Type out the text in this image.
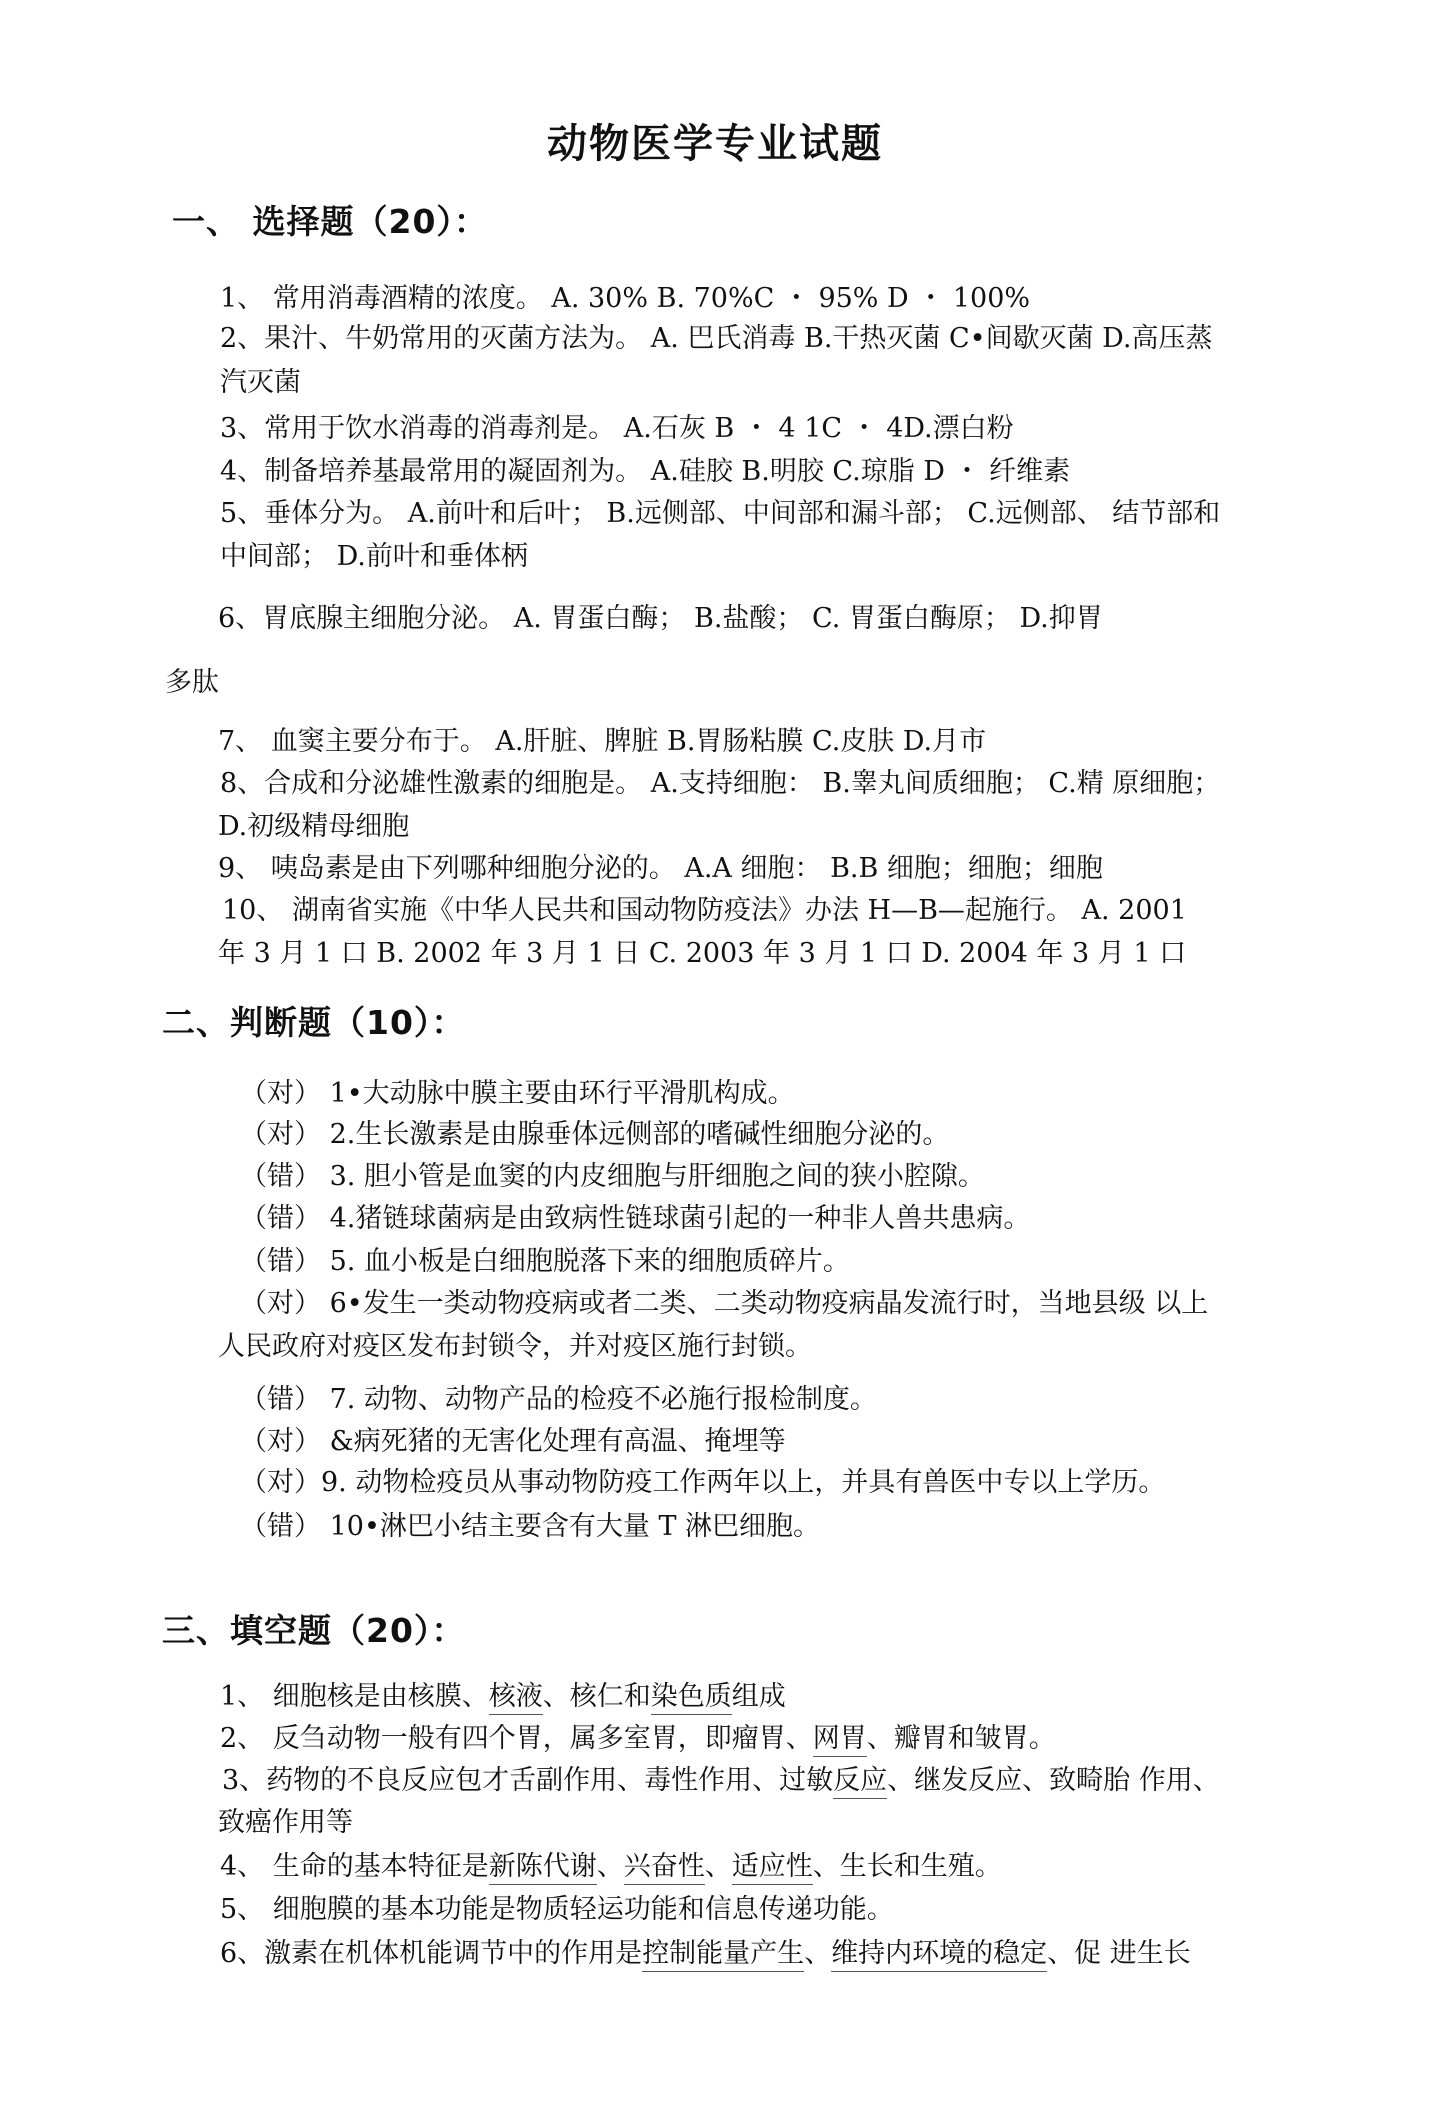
动物医学专业试题
一、 选择题（20）：
1、 常用消毒酒精的浓度。 A. 30% B. 70%C ・ 95% D ・ 100%
2、果汁、牛奶常用的灭菌方法为。 A. 巴氏消毒 B.干热灭菌 C•间歇灭菌 D.高压蒸
汽灭菌
3、常用于饮水消毒的消毒剂是。 A.石灰 B ・ 4 1C ・ 4D.漂白粉
4、制备培养基最常用的凝固剂为。 A.硅胶 B.明胶 C.琼脂 D ・ 纤维素
5、垂体分为。 A.前叶和后叶； B.远侧部、中间部和漏斗部； C.远侧部、 结节部和
中间部； D.前叶和垂体柄
6、胃底腺主细胞分泌。 A. 胃蛋白酶； B.盐酸； C. 胃蛋白酶原； D.抑胃
多肽
7、 血窦主要分布于。 A.肝脏、脾脏 B.胃肠粘膜 C.皮肤 D.月市
8、合成和分泌雄性激素的细胞是。 A.支持细胞： B.睾丸间质细胞； C.精 原细胞；
D.初级精母细胞
9、 咦岛素是由下列哪种细胞分泌的。 A.A 细胞： B.B 细胞；细胞；细胞
10、 湖南省实施《中华人民共和国动物防疫法》办法 H—B—起施行。 A. 2001
年 3 月 1 口 B. 2002 年 3 月 1 日 C. 2003 年 3 月 1 口 D. 2004 年 3 月 1 口
二、判断题（10）：
（对） 1•大动脉中膜主要由环行平滑肌构成。
（对） 2.生长激素是由腺垂体远侧部的嗜碱性细胞分泌的。
（错） 3. 胆小管是血窦的内皮细胞与肝细胞之间的狭小腔隙。
（错） 4.猪链球菌病是由致病性链球菌引起的一种非人兽共患病。
（错） 5. 血小板是白细胞脱落下来的细胞质碎片。
（对） 6•发生一类动物疫病或者二类、二类动物疫病晶发流行时，当地县级 以上
人民政府对疫区发布封锁令，并对疫区施行封锁。
（错） 7. 动物、动物产品的检疫不必施行报检制度。
（对） &病死猪的无害化处理有高温、掩埋等
（对）9. 动物检疫员从事动物防疫工作两年以上，并具有兽医中专以上学历。
（错） 10•淋巴小结主要含有大量 T 淋巴细胞。
三、填空题（20）：
1、 细胞核是由核膜、核液、核仁和染色质组成
2、 反刍动物一般有四个胃，属多室胃，即瘤胃、网胃、瓣胃和皱胃。
3、药物的不良反应包才舌副作用、毒性作用、过敏反应、继发反应、致畸胎 作用、
致癌作用等
4、 生命的基本特征是新陈代谢、兴奋性、适应性、生长和生殖。
5、 细胞膜的基本功能是物质轻运功能和信息传递功能。
6、激素在机体机能调节中的作用是控制能量产生、维持内环境的稳定、促 进生长
